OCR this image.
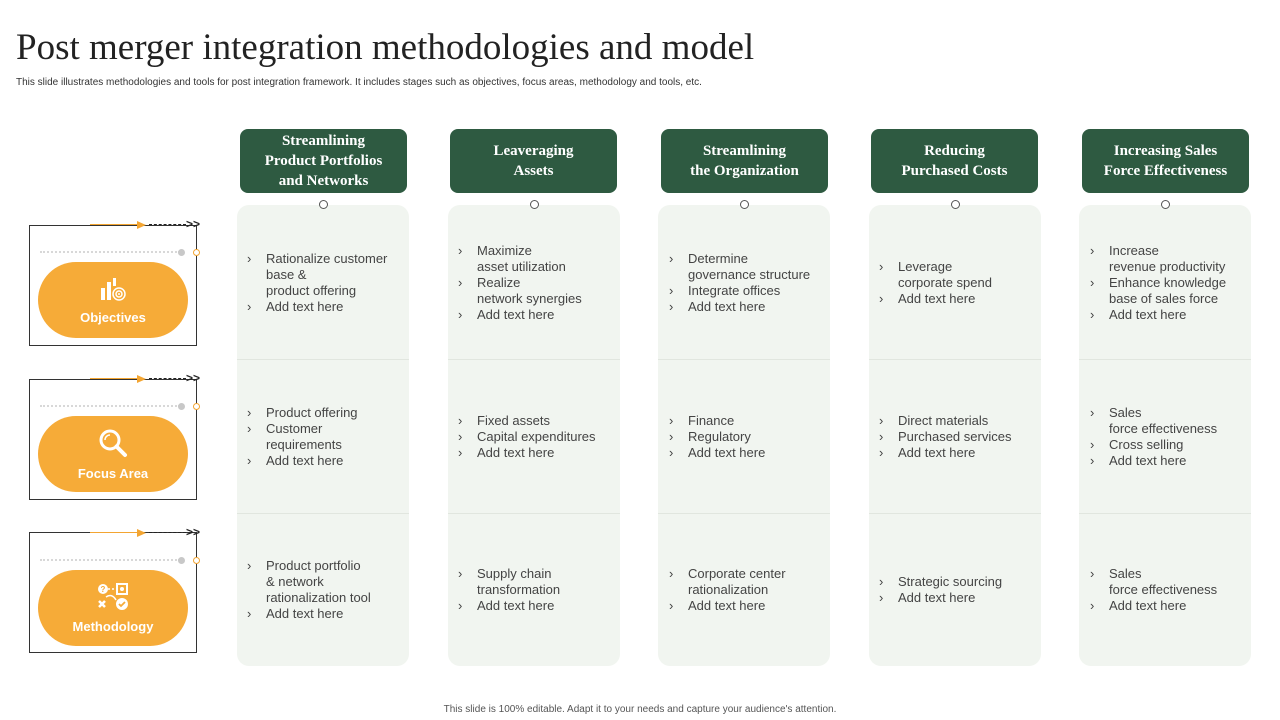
Post merger integration methodologies and model
This slide illustrates methodologies and tools for post integration framework. It includes stages such as objectives, focus areas, methodology and tools, etc.
>>
Objectives
>>
Focus Area
>>
?
Methodology
Streamlining
Product Portfolios
and Networks
Leaveraging
Assets
Streamlining
the Organization
Reducing
Purchased Costs
Increasing Sales
Force Effectiveness
› Rationalize customer
base &
product offering
› Add text here
› Product offering
› Customer
requirements
› Add text here
› Product portfolio
& network
rationalization tool
› Add text here
› Maximize
asset utilization
› Realize
network synergies
› Add text here
› Fixed assets
› Capital expenditures
› Add text here
› Supply chain
transformation
› Add text here
› Determine
governance structure
› Integrate offices
› Add text here
› Finance
› Regulatory
› Add text here
› Corporate center
rationalization
› Add text here
› Leverage
corporate spend
› Add text here
› Direct materials
› Purchased services
› Add text here
› Strategic sourcing
› Add text here
› Increase
revenue productivity
› Enhance knowledge
base of sales force
› Add text here
› Sales
force effectiveness
› Cross selling
› Add text here
› Sales
force effectiveness
› Add text here
This slide is 100% editable. Adapt it to your needs and capture your audience's attention.
